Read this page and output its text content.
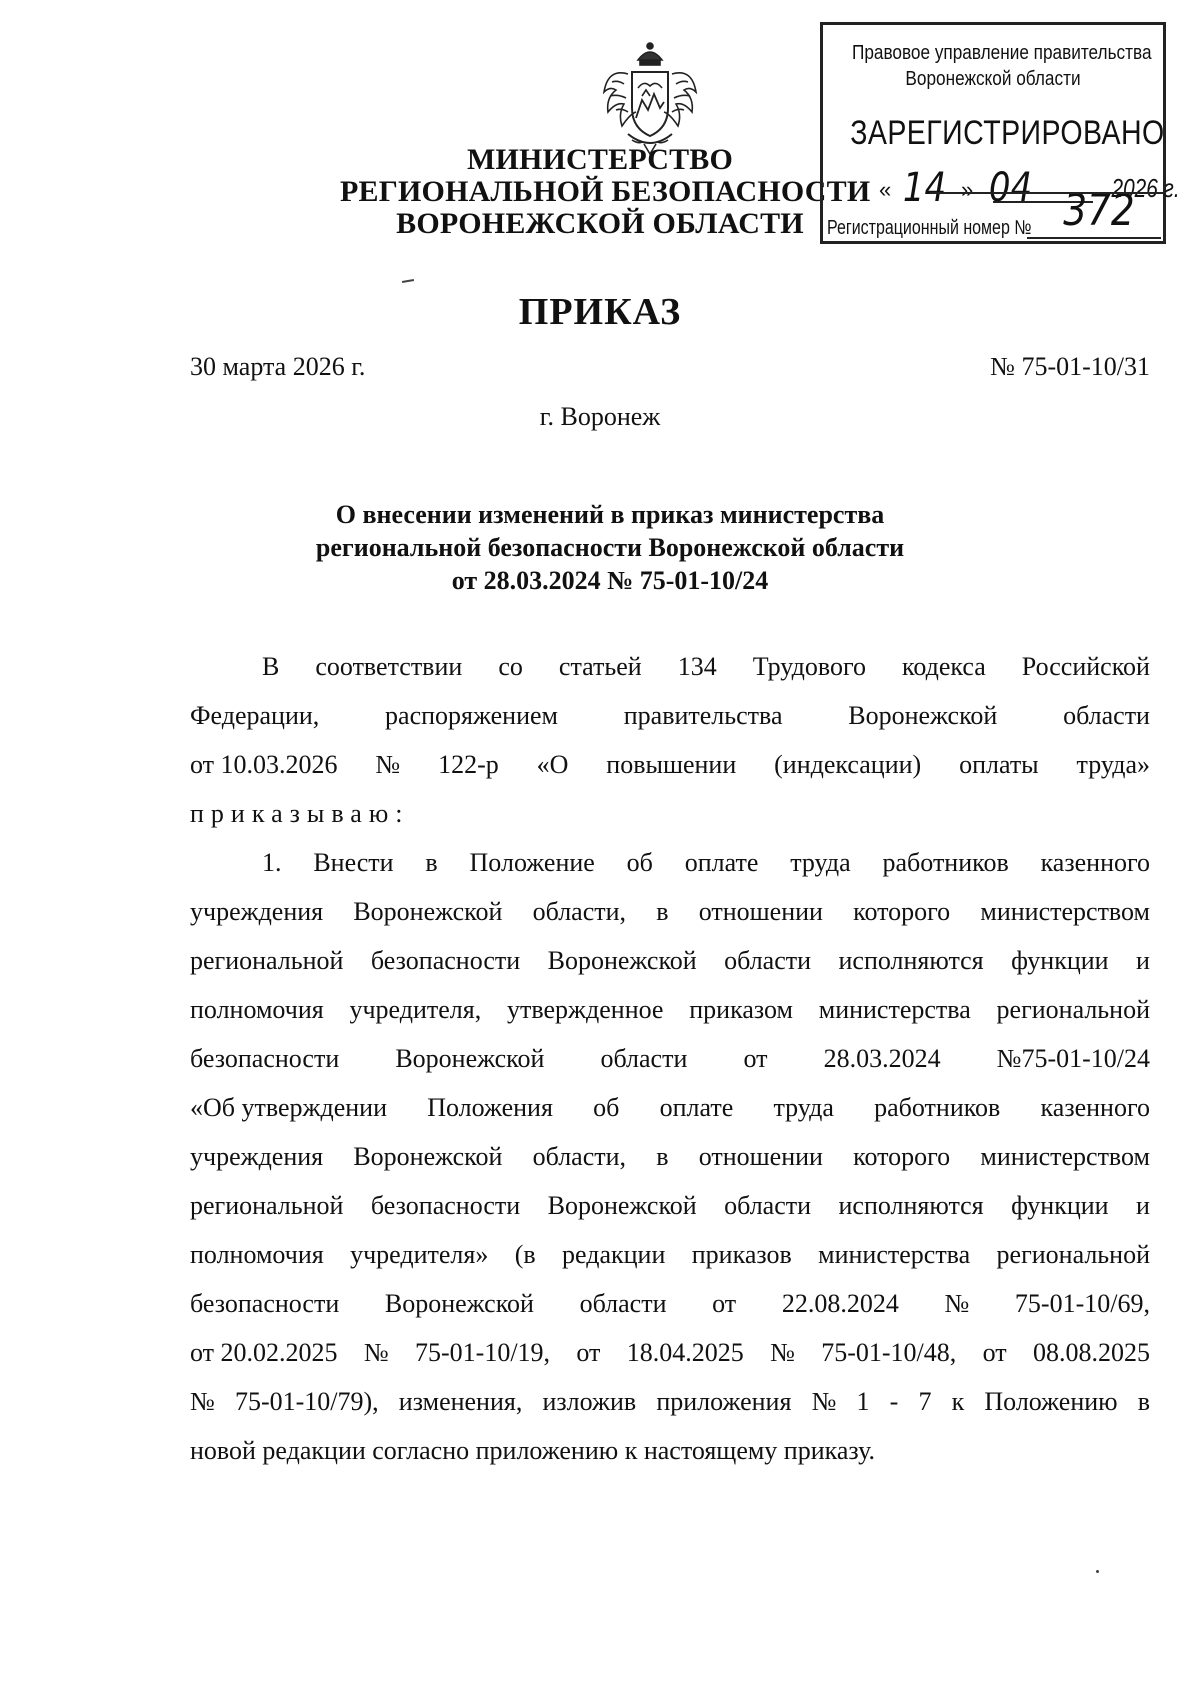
МИНИСТЕРСТВО
РЕГИОНАЛЬНОЙ БЕЗОПАСНОСТИ
ВОРОНЕЖСКОЙ ОБЛАСТИ
Правовое управление правительства
Воронежской области
ЗАРЕГИСТРИРОВАНО
« 14 » 04	2026 г.
Регистрационный номер № 372
ПРИКАЗ
30 марта 2026 г.	№ 75-01-10/31
г. Воронеж
О внесении изменений в приказ министерства
региональной безопасности Воронежской области
от 28.03.2024 № 75-01-10/24
В соответствии со статьей 134 Трудового кодекса Российской
Федерации,	распоряжением	правительства	Воронежской	области
от 10.03.2026 № 122-р «О повышении (индексации) оплаты труда»
приказываю:
1. Внести в Положение об оплате труда работников казенного
учреждения Воронежской области, в отношении которого министерством
региональной безопасности Воронежской области исполняются функции и
полномочия учредителя, утвержденное приказом министерства региональной
безопасности Воронежской области от 28.03.2024 №75-01-10/24
«Об утверждении Положения об оплате труда работников казенного
учреждения Воронежской области, в отношении которого министерством
региональной безопасности Воронежской области исполняются функции и
полномочия учредителя» (в редакции приказов министерства региональной
безопасности Воронежской области от 22.08.2024 № 75-01-10/69,
от 20.02.2025 № 75-01-10/19, от 18.04.2025 № 75-01-10/48, от 08.08.2025
№ 75-01-10/79), изменения, изложив приложения № 1 - 7 к Положению в
новой редакции согласно приложению к настоящему приказу.
